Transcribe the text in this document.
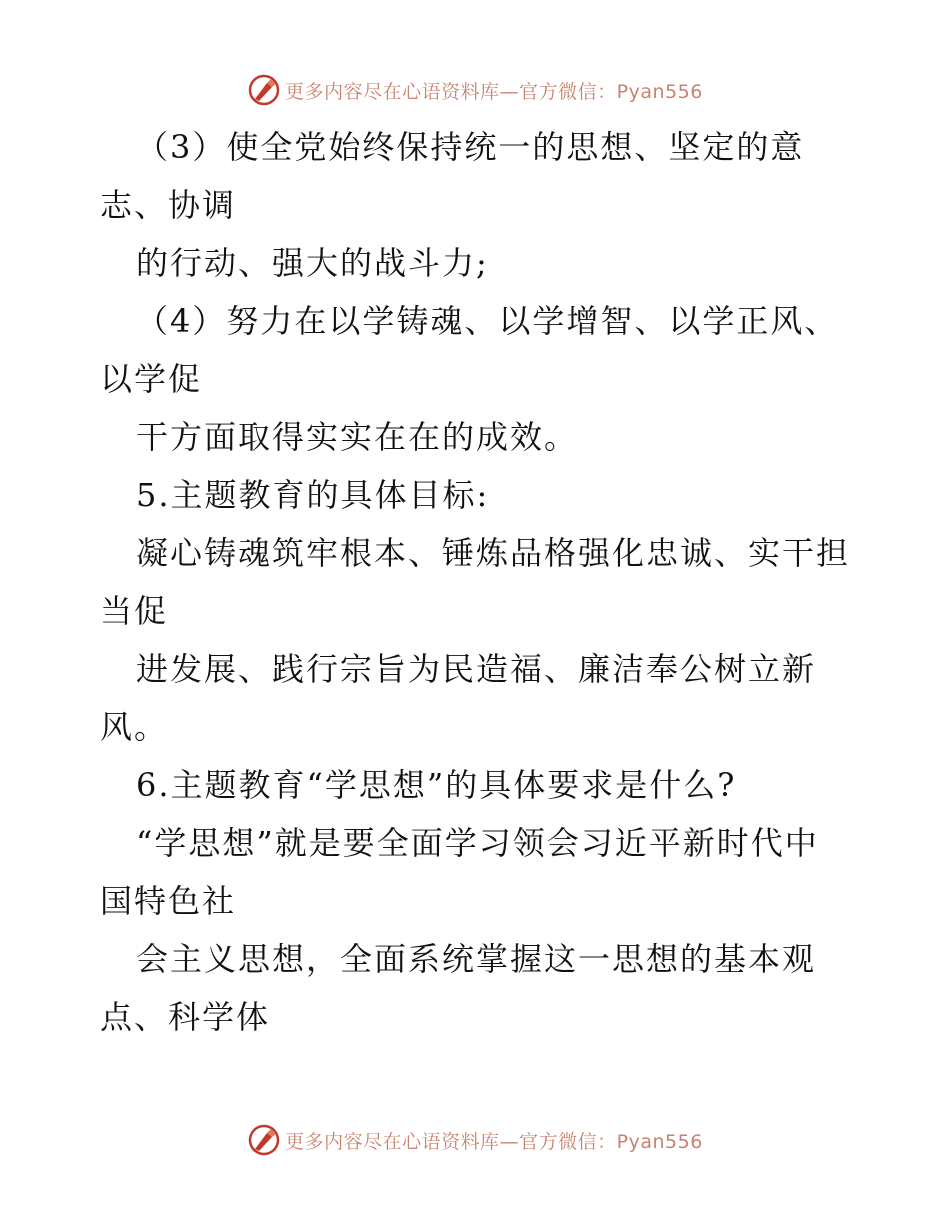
更多内容尽在心语资料库—官方微信：Pyan556
（3）使全党始终保持统一的思想、坚定的意
志、协调
的行动、强大的战斗力;
（4）努力在以学铸魂、以学增智、以学正风、
以学促
干方面取得实实在在的成效。
5.主题教育的具体目标:
凝心铸魂筑牢根本、锤炼品格强化忠诚、实干担
当促
进发展、践行宗旨为民造福、廉洁奉公树立新
风。
6.主题教育“学思想”的具体要求是什么?
“学思想”就是要全面学习领会习近平新时代中
国特色社
会主义思想，全面系统掌握这一思想的基本观
点、科学体
更多内容尽在心语资料库—官方微信：Pyan556
